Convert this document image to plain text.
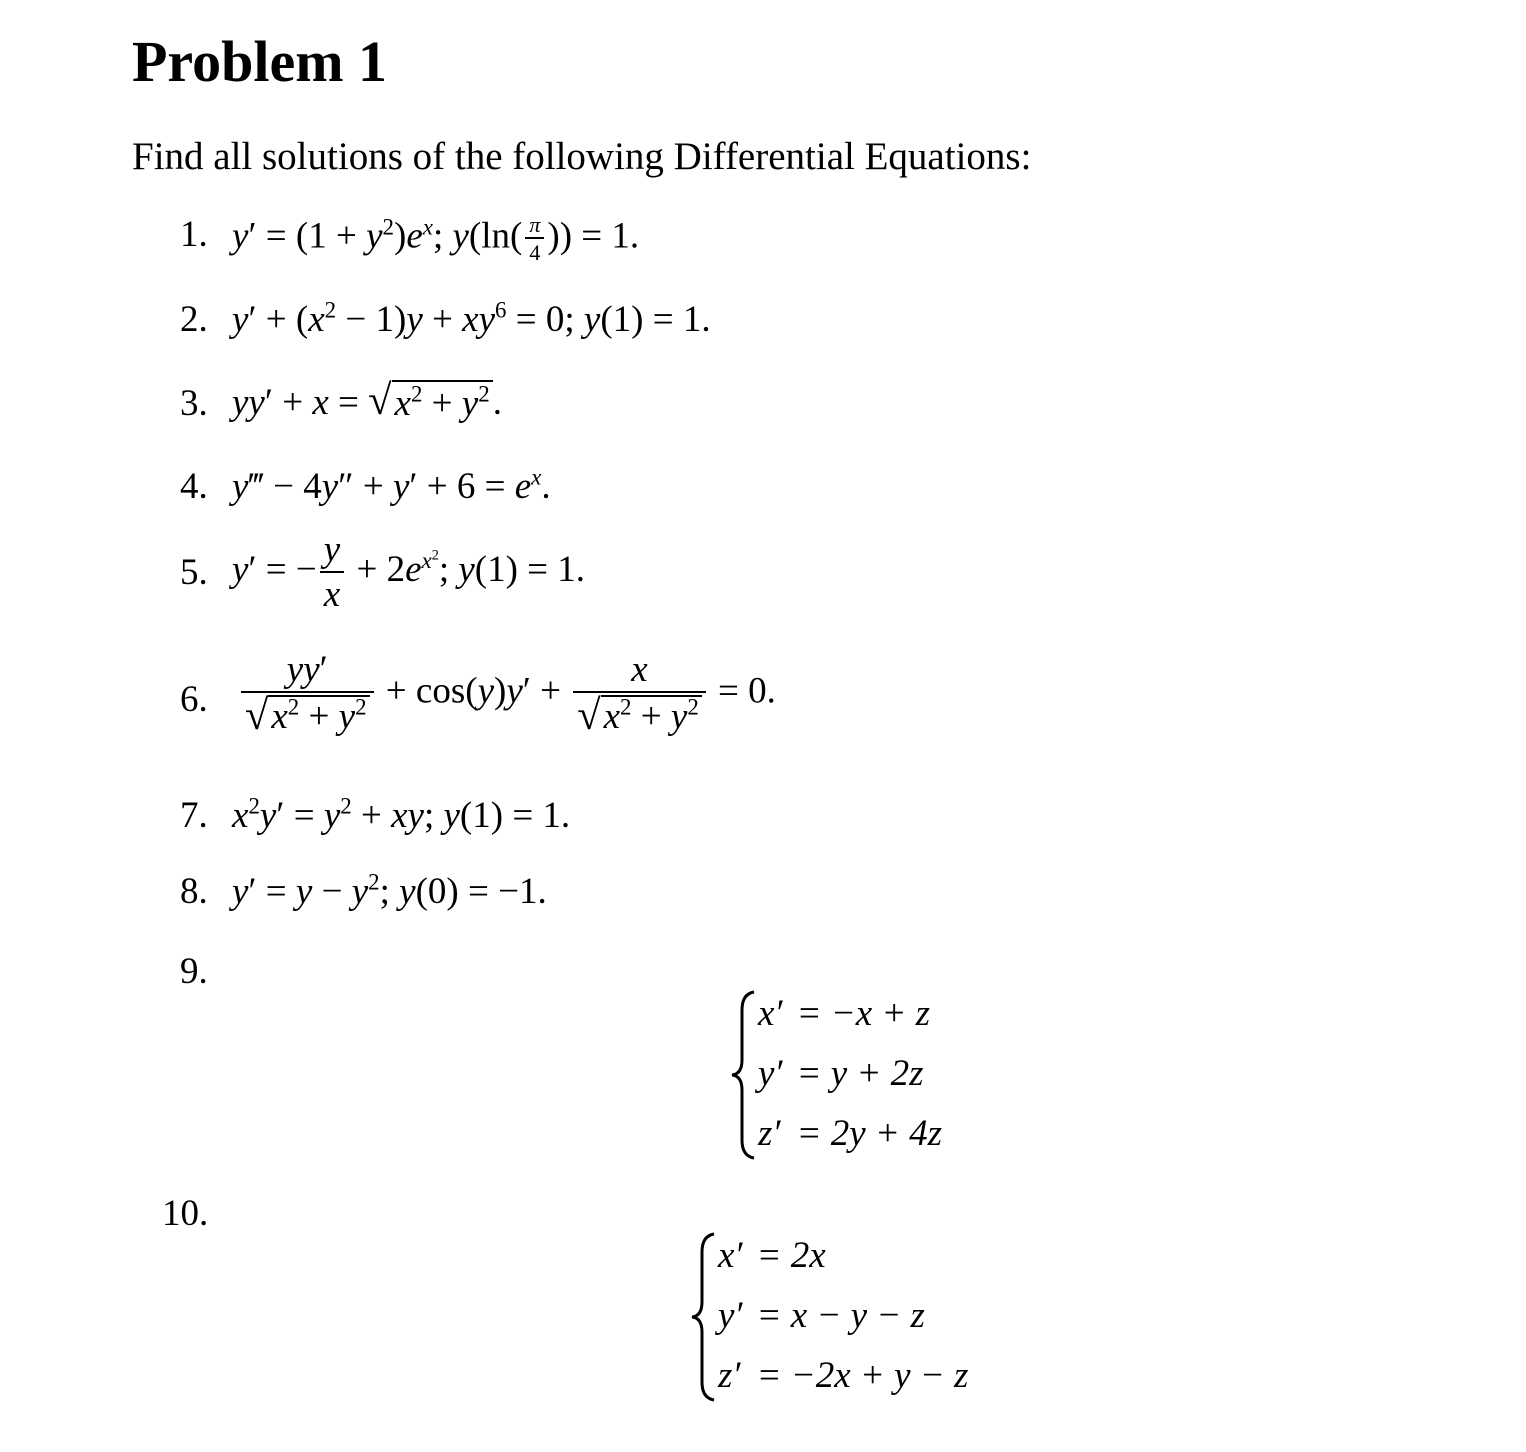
Problem 1
Find all solutions of the following Differential Equations:
1. $y' = (1 + y^2)e^x$; $y(\ln( \frac{\pi}{4}$ )) = 1.
2. $y' + (x^2 - 1)y + xy^6 = 0$; y(1) = 1.
3. yy′ + x = √ $x^2 + y^2$ .
4. y‴ − $4y'' + y' + 6 = e^x$.
5. y′ = − $\frac{y}{x} + 2e^{x^2}$; y(1) = 1.
6. $\frac{yy'}{√ x^2 + y^2} + \cos(y)y' + \frac{x}{√ x^2 + y^2} = 0$.
7. $x^2y' = y^2$ + xy; y(1) = 1.
8. $y' = y - y^2$; y(0) = −1.
9.
x′ = −x + z
y′ = y + 2z
z′ = 2y + 4z
10.
x′ = 2x
y′ = x − y − z
z′ = −2x + y − z
